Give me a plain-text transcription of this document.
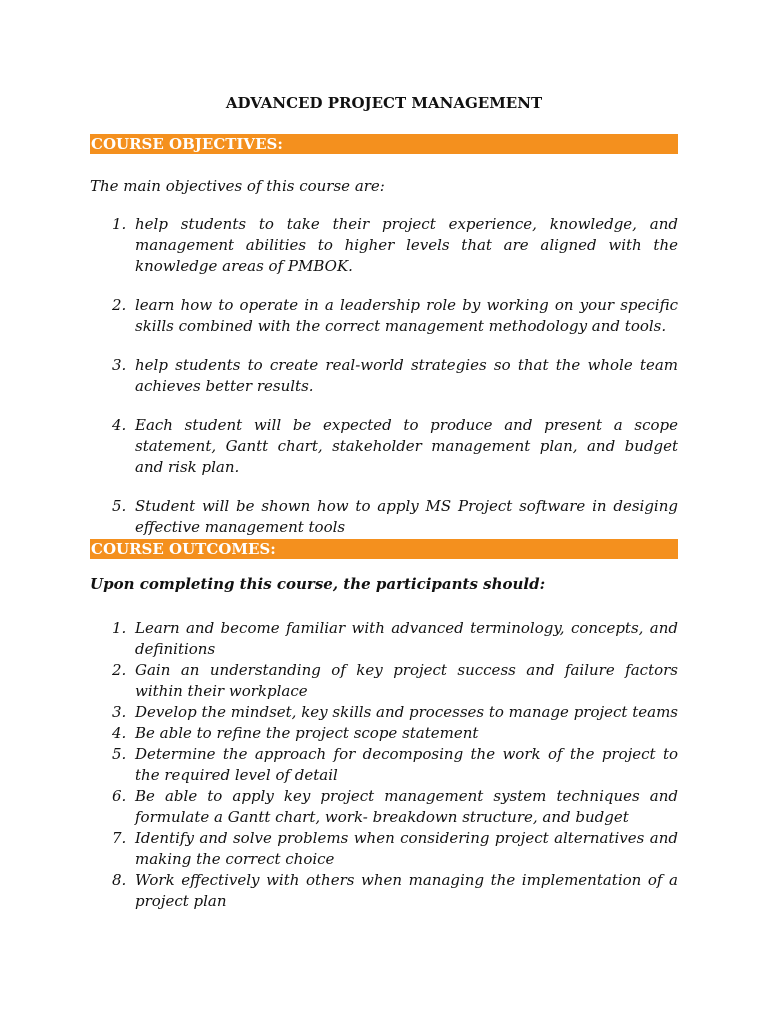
ADVANCED PROJECT MANAGEMENT
COURSE OBJECTIVES:
The main objectives of this course are:
1. help students to take their project experience, knowledge, and management abilities to higher levels that are aligned with the knowledge areas of PMBOK.
2. learn how to operate in a leadership role by working on your specific skills combined with the correct management methodology and tools.
3. help students to create real-world strategies so that the whole team achieves better results.
4. Each student will be expected to produce and present a scope statement, Gantt chart, stakeholder management plan, and budget and risk plan.
5. Student will be shown how to apply MS Project software in desiging effective management tools
COURSE OUTCOMES:
Upon completing this course, the participants should:
1. Learn and become familiar with advanced terminology, concepts, and definitions
2. Gain an understanding of key project success and failure factors within their workplace
3. Develop the mindset, key skills and processes to manage project teams
4. Be able to refine the project scope statement
5. Determine the approach for decomposing the work of the project to the required level of detail
6. Be able to apply key project management system techniques and formulate a Gantt chart, work- breakdown structure, and budget
7. Identify and solve problems when considering project alternatives and making the correct choice
8. Work effectively with others when managing the implementation of a project plan
